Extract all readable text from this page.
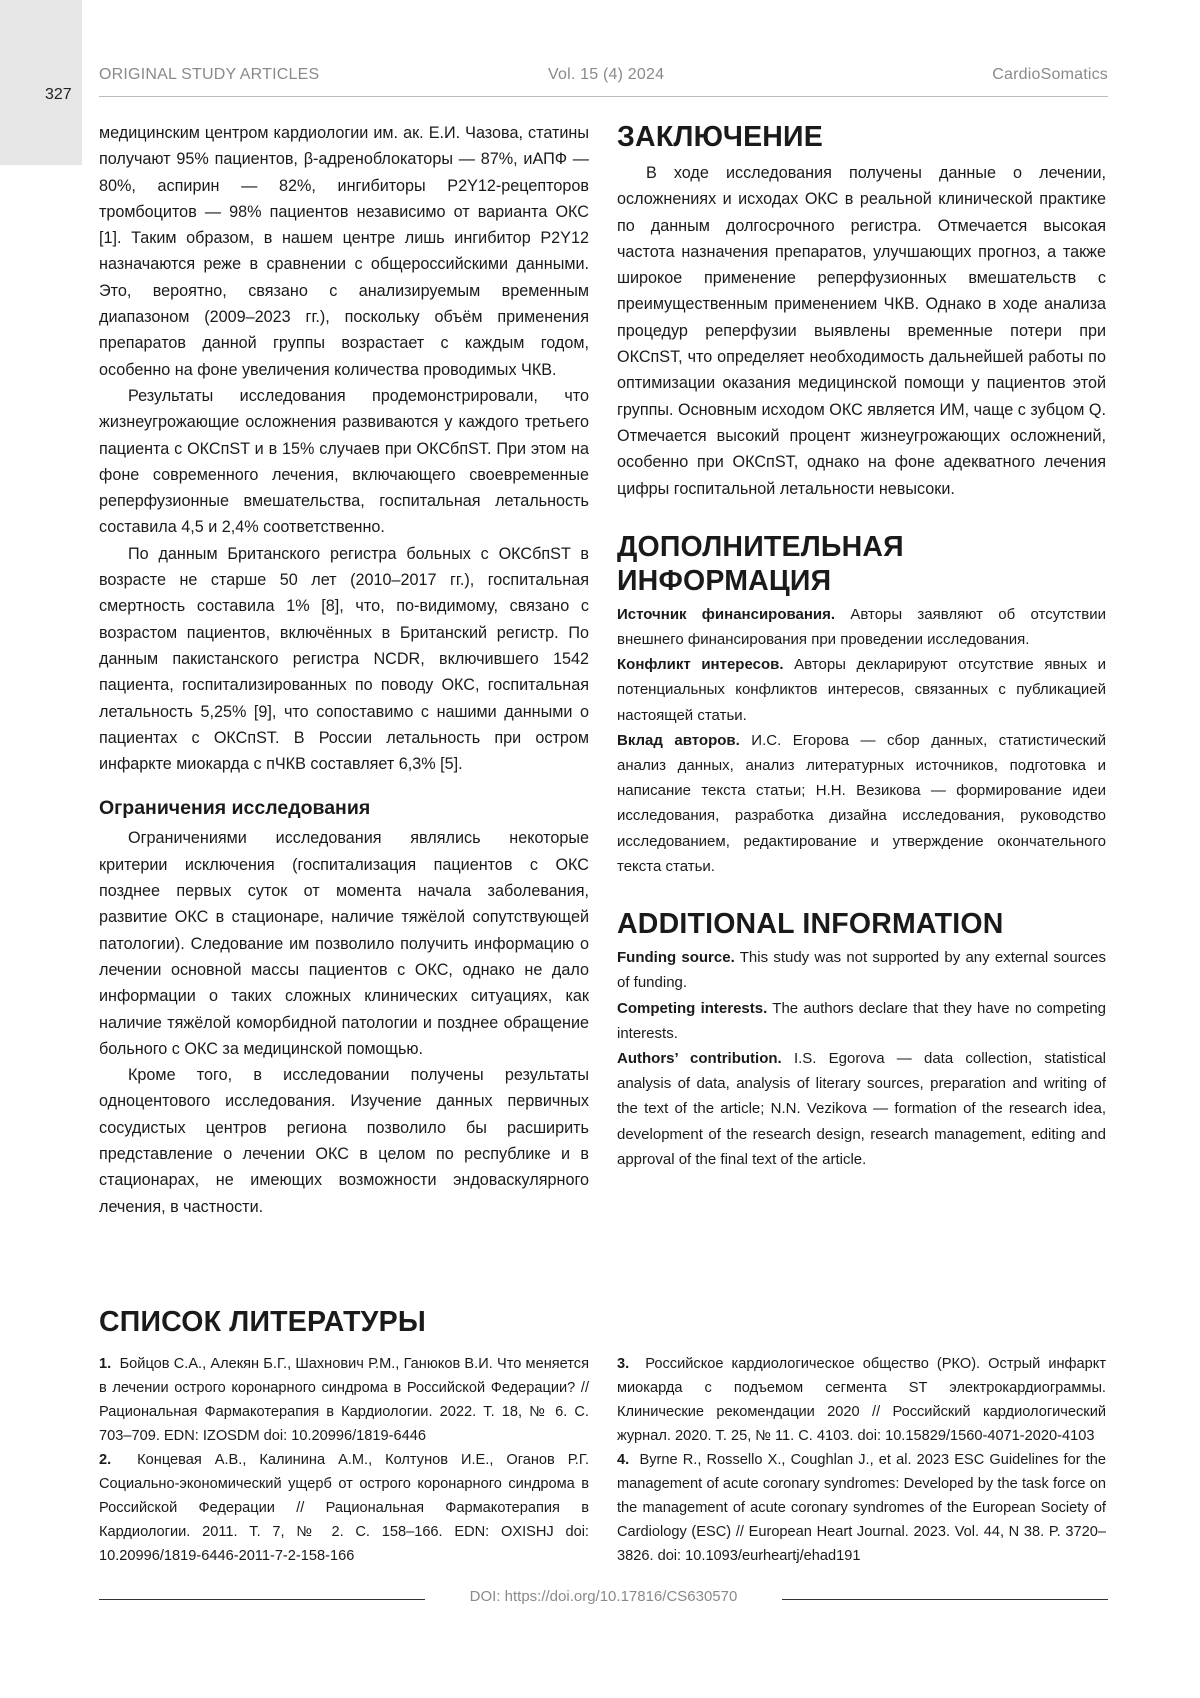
327
ORIGINAL STUDY ARTICLES	Vol. 15 (4) 2024	CardioSomatics

медицинским центром кардиологии им. ак. Е.И. Чазова, статины получают 95% пациентов, β-адреноблокаторы — 87%, иАПФ — 80%, аспирин — 82%, ингибиторы P2Y12-рецепторов тромбоцитов — 98% пациентов независимо от варианта ОКС [1]. Таким образом, в нашем центре лишь ингибитор P2Y12 назначаются реже в сравнении с общероссийскими данными. Это, вероятно, связано с анализируемым временным диапазоном (2009–2023 гг.), поскольку объём применения препаратов данной группы возрастает с каждым годом, особенно на фоне увеличения количества проводимых ЧКВ.

Результаты исследования продемонстрировали, что жизнеугрожающие осложнения развиваются у каждого третьего пациента с ОКСпST и в 15% случаев при ОКСбпST. При этом на фоне современного лечения, включающего своевременные реперфузионные вмешательства, госпитальная летальность составила 4,5 и 2,4% соответственно.

По данным Британского регистра больных с ОКСбпST в возрасте не старше 50 лет (2010–2017 гг.), госпитальная смертность составила 1% [8], что, по-видимому, связано с возрастом пациентов, включённых в Британский регистр. По данным пакистанского регистра NCDR, включившего 1542 пациента, госпитализированных по поводу ОКС, госпитальная летальность 5,25% [9], что сопоставимо с нашими данными о пациентах с ОКСпST. В России летальность при остром инфаркте миокарда с пЧКВ составляет 6,3% [5].

Ограничения исследования

Ограничениями исследования являлись некоторые критерии исключения (госпитализация пациентов с ОКС позднее первых суток от момента начала заболевания, развитие ОКС в стационаре, наличие тяжёлой сопутствующей патологии). Следование им позволило получить информацию о лечении основной массы пациентов с ОКС, однако не дало информации о таких сложных клинических ситуациях, как наличие тяжёлой коморбидной патологии и позднее обращение больного с ОКС за медицинской помощью.

Кроме того, в исследовании получены результаты одноцентового исследования. Изучение данных первичных сосудистых центров региона позволило бы расширить представление о лечении ОКС в целом по республике и в стационарах, не имеющих возможности эндоваскулярного лечения, в частности.

ЗАКЛЮЧЕНИЕ

В ходе исследования получены данные о лечении, осложнениях и исходах ОКС в реальной клинической практике по данным долгосрочного регистра. Отмечается высокая частота назначения препаратов, улучшающих прогноз, а также широкое применение реперфузионных вмешательств с преимущественным применением ЧКВ. Однако в ходе анализа процедур реперфузии выявлены временные потери при ОКСпST, что определяет необходимость дальнейшей работы по оптимизации оказания медицинской помощи у пациентов этой группы. Основным исходом ОКС является ИМ, чаще с зубцом Q. Отмечается высокий процент жизнеугрожающих осложнений, особенно при ОКСпST, однако на фоне адекватного лечения цифры госпитальной летальности невысоки.

ДОПОЛНИТЕЛЬНАЯ ИНФОРМАЦИЯ

Источник финансирования. Авторы заявляют об отсутствии внешнего финансирования при проведении исследования.

Конфликт интересов. Авторы декларируют отсутствие явных и потенциальных конфликтов интересов, связанных с публикацией настоящей статьи.

Вклад авторов. И.С. Егорова — сбор данных, статистический анализ данных, анализ литературных источников, подготовка и написание текста статьи; Н.Н. Везикова — формирование идеи исследования, разработка дизайна исследования, руководство исследованием, редактирование и утверждение окончательного текста статьи.

ADDITIONAL INFORMATION

Funding source. This study was not supported by any external sources of funding.

Competing interests. The authors declare that they have no competing interests.

Authors’ contribution. I.S. Egorova — data collection, statistical analysis of data, analysis of literary sources, preparation and writing of the text of the article; N.N. Vezikova — formation of the research idea, development of the research design, research management, editing and approval of the final text of the article.

СПИСОК ЛИТЕРАТУРЫ

1. Бойцов С.А., Алекян Б.Г., Шахнович Р.М., Ганюков В.И. Что меняется в лечении острого коронарного синдрома в Российской Федерации? // Рациональная Фармакотерапия в Кардиологии. 2022. Т. 18, № 6. С. 703–709. EDN: IZOSDM doi: 10.20996/1819-6446

2. Концевая А.В., Калинина А.М., Колтунов И.Е., Оганов Р.Г. Социально-экономический ущерб от острого коронарного синдрома в Российской Федерации // Рациональная Фармакотерапия в Кардиологии. 2011. Т. 7, № 2. С. 158–166. EDN: OXISHJ doi: 10.20996/1819-6446-2011-7-2-158-166

3. Российское кардиологическое общество (РКО). Острый инфаркт миокарда с подъемом сегмента ST электрокардиограммы. Клинические рекомендации 2020 // Российский кардиологический журнал. 2020. Т. 25, № 11. С. 4103. doi: 10.15829/1560-4071-2020-4103

4. Byrne R., Rossello X., Coughlan J., et al. 2023 ESC Guidelines for the management of acute coronary syndromes: Developed by the task force on the management of acute coronary syndromes of the European Society of Cardiology (ESC) // European Heart Journal. 2023. Vol. 44, N 38. P. 3720–3826. doi: 10.1093/eurheartj/ehad191

DOI: https://doi.org/10.17816/CS630570
